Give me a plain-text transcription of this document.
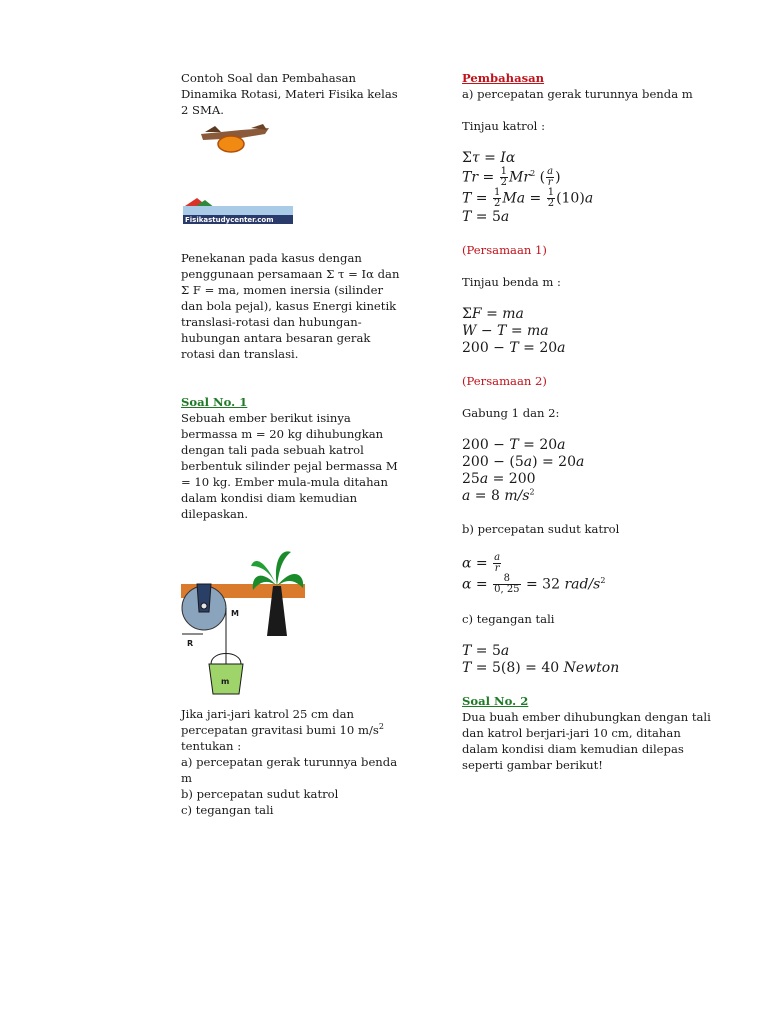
Contoh Soal dan Pembahasan Dinamika Rotasi, Materi Fisika kelas 2 SMA.

Fisikastudycenter.com

Penekanan pada kasus dengan penggunaan persamaan Σ τ = Iα dan Σ F = ma, momen inersia (silinder dan bola pejal), kasus Energi kinetik translasi-rotasi dan hubungan-hubungan antara besaran gerak rotasi dan translasi.

Soal No. 1

Sebuah ember berikut isinya bermassa m = 20 kg dihubungkan dengan tali pada sebuah katrol berbentuk silinder pejal bermassa M = 10 kg. Ember mula-mula ditahan dalam kondisi diam kemudian dilepaskan.

M
R
m

Jika jari-jari katrol 25 cm dan

percepatan gravitasi bumi 10 $m/s^2$

tentukan :

a) percepatan gerak turunnya benda m

b) percepatan sudut katrol

c) tegangan tali

Pembahasan

a) percepatan gerak turunnya benda m

Tinjau katrol :

Στ = Iα

$Tr = \frac{1}{2} Mr^2$ ( $\frac{a}{r}$ )

$T = \frac{1}{2}$ $Ma = \frac{1}{2} (10)a$

T = 5a

(Persamaan 1)

Tinjau benda m :

ΣF = ma

W − T = ma

200 − T = 20a

(Persamaan 2)

Gabung 1 dan 2:

200 − T = 20a

200 − (5a) = 20a

25a = 200

a = 8 $m/s^2$

b) percepatan sudut katrol

$\alpha = \frac{a}{r}$

$\alpha = \frac{8}{0, 25} = 32$ rad/$s^2$

c) tegangan tali

T = 5a

T = 5(8) = 40 Newton

Soal No. 2

Dua buah ember dihubungkan dengan tali dan katrol berjari-jari 10 cm, ditahan dalam kondisi diam kemudian dilepas seperti gambar berikut!
